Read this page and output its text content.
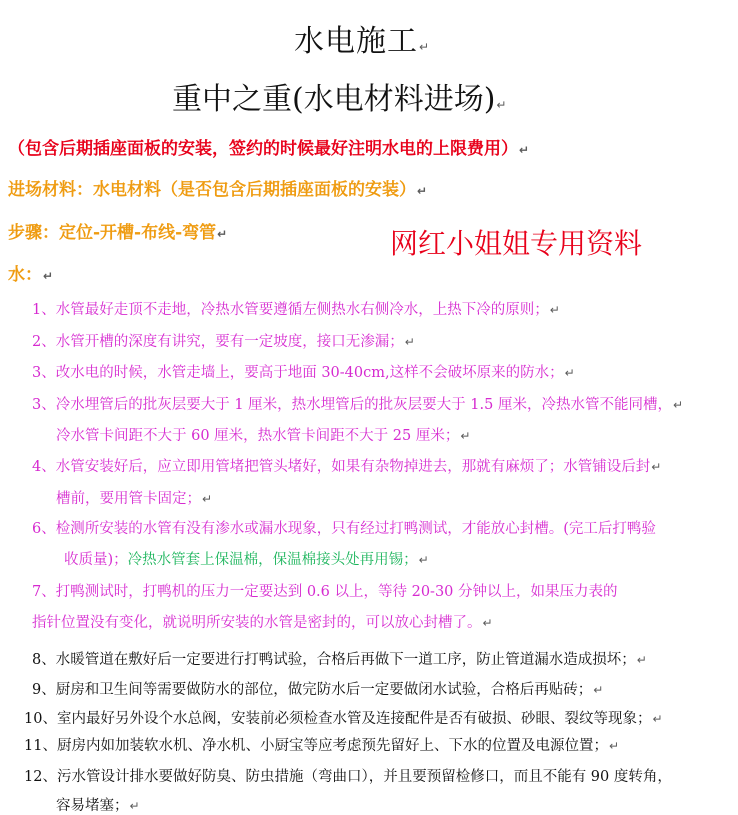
水电施工↵
重中之重(水电材料进场)↵
（包含后期插座面板的安装，签约的时候最好注明水电的上限费用）↵
进场材料：水电材料（是否包含后期插座面板的安装）↵
步骤：定位-开槽-布线-弯管↵	网红小姐姐专用资料
水：↵
1、水管最好走顶不走地，冷热水管要遵循左侧热水右侧冷水，上热下冷的原则；↵
2、水管开槽的深度有讲究，要有一定坡度，接口无渗漏；↵
3、改水电的时候，水管走墙上，要高于地面 30-40cm,这样不会破坏原来的防水；↵
3、冷水埋管后的批灰层要大于 1 厘米，热水埋管后的批灰层要大于 1.5 厘米，冷热水管不能同槽，↵
冷水管卡间距不大于 60 厘米，热水管卡间距不大于 25 厘米；↵
4、水管安装好后，应立即用管堵把管头堵好，如果有杂物掉进去，那就有麻烦了；水管铺设后封↵
槽前，要用管卡固定；↵
6、检测所安装的水管有没有渗水或漏水现象，只有经过打鸭测试，才能放心封槽。(完工后打鸭验
收质量)；冷热水管套上保温棉，保温棉接头处再用锡；↵
7、打鸭测试时，打鸭机的压力一定要达到 0.6 以上，等待 20-30 分钟以上，如果压力表的
指针位置没有变化，就说明所安装的水管是密封的，可以放心封槽了。↵
8、水暖管道在敷好后一定要进行打鸭试验，合格后再做下一道工序，防止管道漏水造成损坏；↵
9、厨房和卫生间等需要做防水的部位，做完防水后一定要做闭水试验，合格后再贴砖；↵
10、室内最好另外设个水总阀，安装前必须检查水管及连接配件是否有破损、砂眼、裂纹等现象；↵
11、厨房内如加装软水机、净水机、小厨宝等应考虑预先留好上、下水的位置及电源位置；↵
12、污水管设计排水要做好防臭、防虫措施（弯曲口），并且要预留检修口，而且不能有 90 度转角，
容易堵塞；↵
